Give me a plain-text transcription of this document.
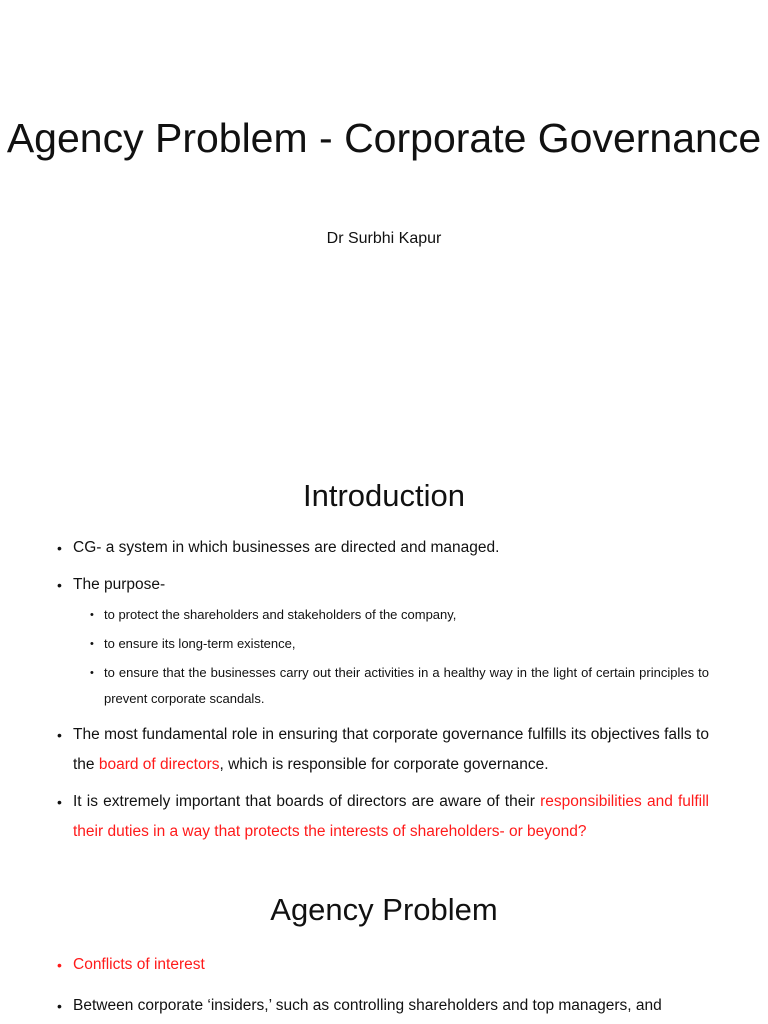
Agency Problem - Corporate Governance
Dr Surbhi Kapur
Introduction
• CG- a system in which businesses are directed and managed.
• The purpose-
• to protect the shareholders and stakeholders of the company,
• to ensure its long-term existence,
• to ensure that the businesses carry out their activities in a healthy way in the light of certain principles to prevent corporate scandals.
• The most fundamental role in ensuring that corporate governance fulfills its objectives falls to the board of directors, which is responsible for corporate governance.
• It is extremely important that boards of directors are aware of their responsibilities and fulfill their duties in a way that protects the interests of shareholders- or beyond?
Agency Problem
• Conflicts of interest
• Between corporate ‘insiders,’ such as controlling shareholders and top managers, and
